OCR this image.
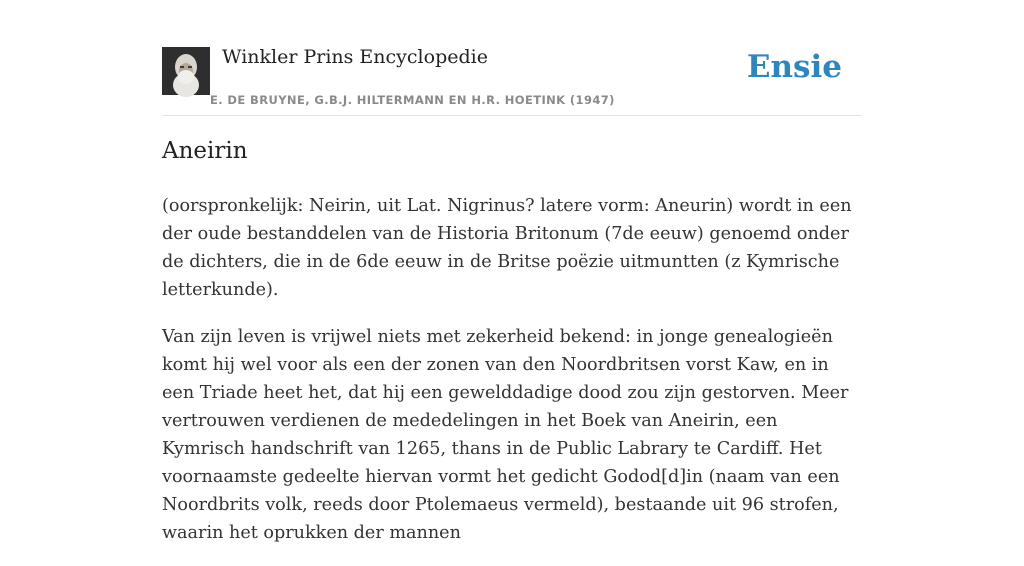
Winkler Prins Encyclopedie
E. DE BRUYNE, G.B.J. HILTERMANN EN H.R. HOETINK (1947)
Ensie
Aneirin

(oorspronkelijk: Neirin, uit Lat. Nigrinus? latere vorm: Aneurin) wordt in een der oude bestanddelen van de Historia Britonum (7de eeuw) genoemd onder de dichters, die in de 6de eeuw in de Britse poëzie uitmuntten (z Kymrische letterkunde).

Van zijn leven is vrijwel niets met zekerheid bekend: in jonge genealogieën komt hij wel voor als een der zonen van den Noordbritsen vorst Kaw, en in een Triade heet het, dat hij een gewelddadige dood zou zijn gestorven. Meer vertrouwen verdienen de mededelingen in het Boek van Aneirin, een Kymrisch handschrift van 1265, thans in de Public Labrary te Cardiff. Het voornaamste gedeelte hiervan vormt het gedicht Godod[d]in (naam van een Noordbrits volk, reeds door Ptolemaeus vermeld), bestaande uit 96 strofen, waarin het oprukken der mannen
